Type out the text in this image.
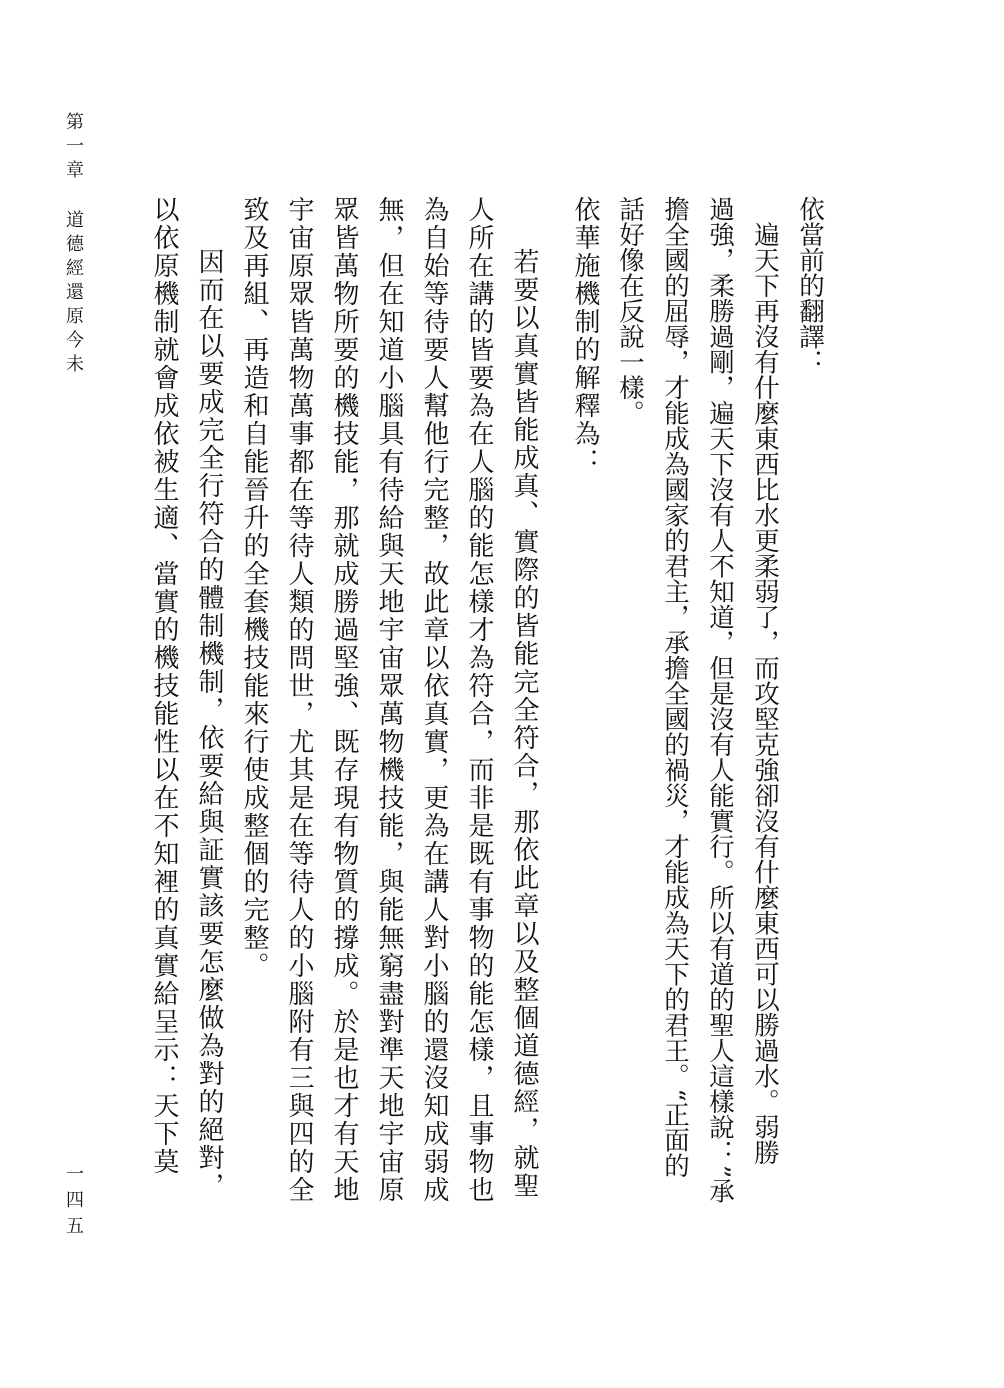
第一章道德經還原今未
一四五
依當前的翻譯：
　遍天下再沒有什麼東西比水更柔弱了，而攻堅克強卻沒有什麼東西可以勝過水。弱勝
過強，柔勝過剛，遍天下沒有人不知道，但是沒有人能實行。所以有道的聖人這樣說：”承
擔全國的屈辱，才能成為國家的君主，承擔全國的禍災，才能成為天下的君王。“正面的
話好像在反說一樣。
依華施機制的解釋為：
若要以真實皆能成真、實際的皆能完全符合，那依此章以及整個道德經，就聖
人所在講的皆要為在人腦的能怎樣才為符合，而非是既有事物的能怎樣，且事物也
為自始等待要人幫他行完整，故此章以依真實，更為在講人對小腦的還沒知成弱成
無，但在知道小腦具有待給與天地宇宙眾萬物機技能，與能無窮盡對準天地宇宙原
眾皆萬物所要的機技能，那就成勝過堅強、既存現有物質的撐成。於是也才有天地
宇宙原眾皆萬物萬事都在等待人類的問世，尤其是在等待人的小腦附有三與四的全
致及再組、再造和自能晉升的全套機技能來行使成整個的完整。
因而在以要成完全行符合的體制機制，依要給與証實該要怎麼做為對的絕對，
以依原機制就會成依被生適、當實的機技能性以在不知裡的真實給呈示：天下莫
